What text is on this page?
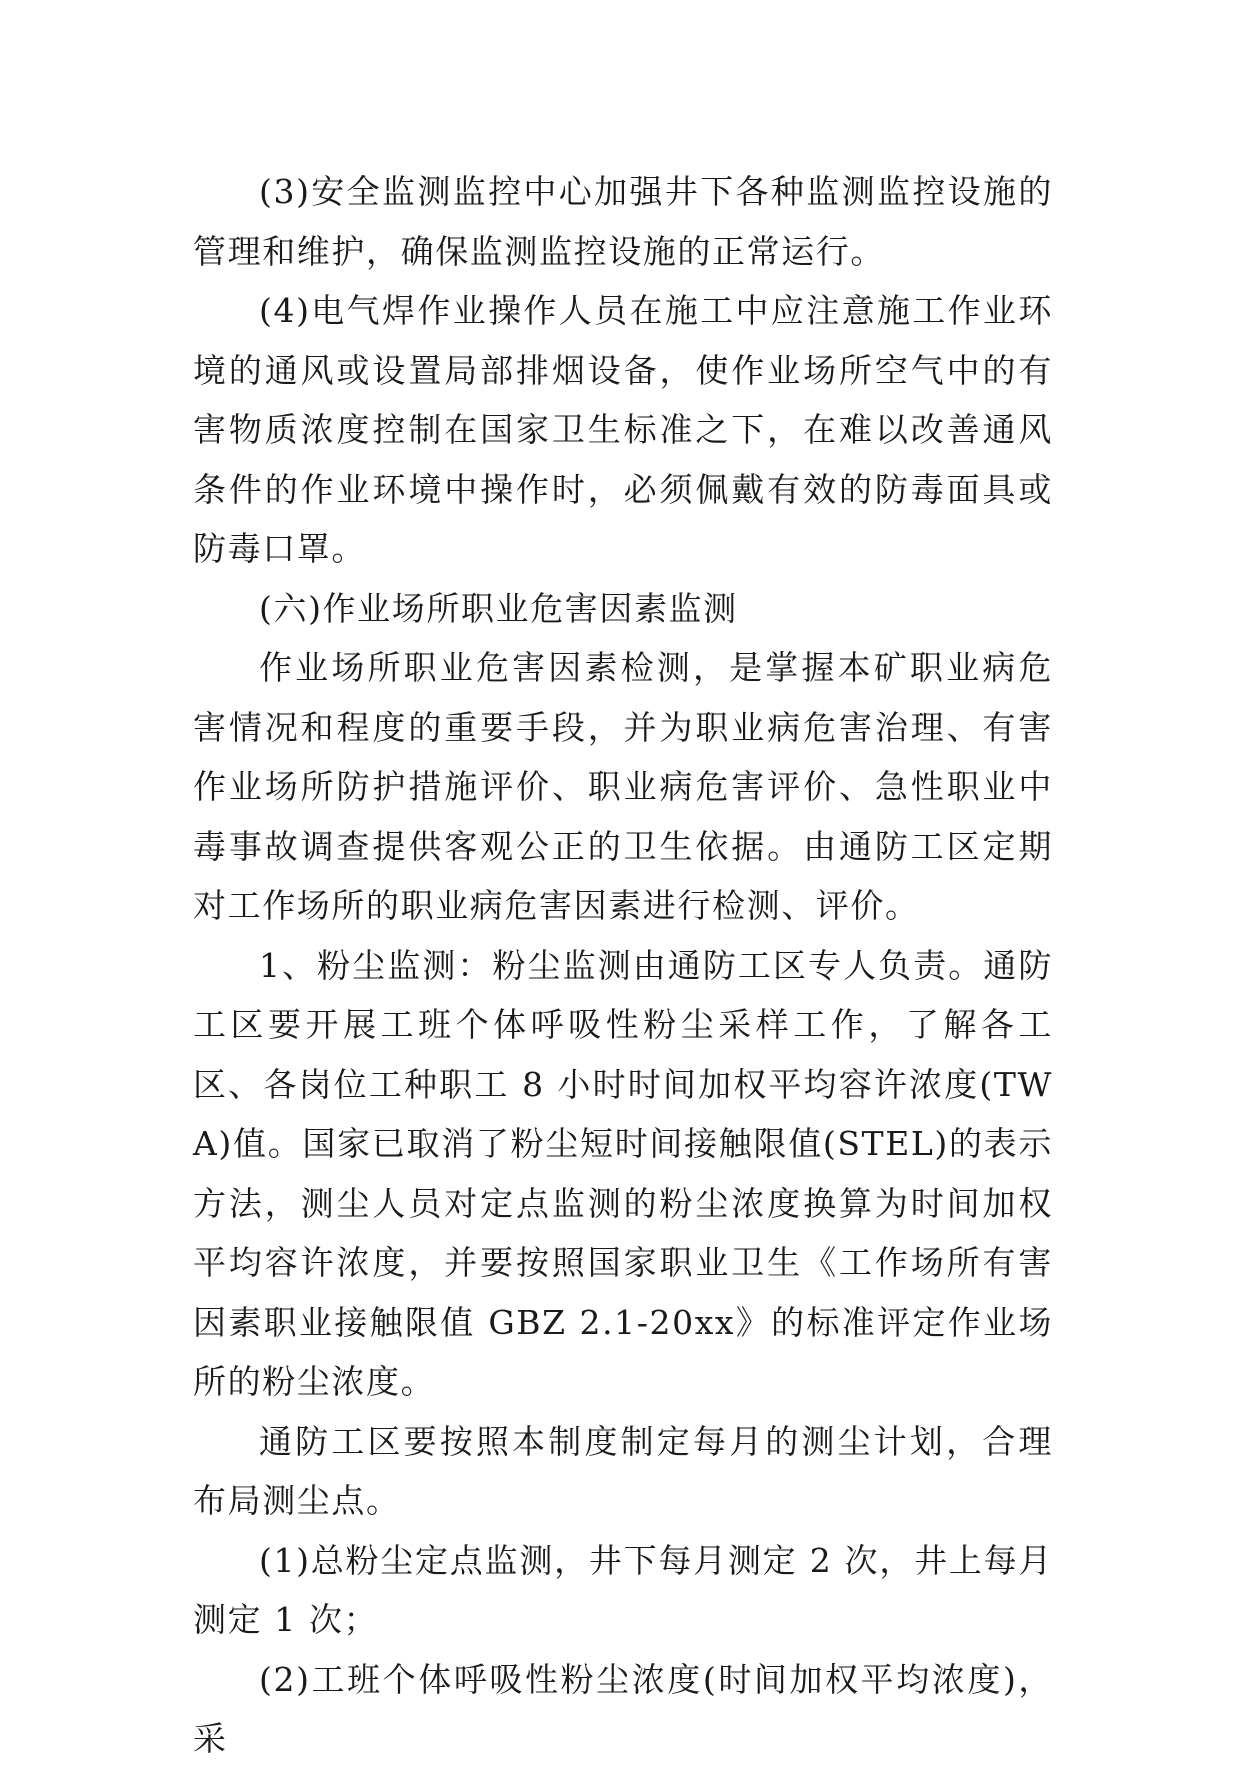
(3)安全监测监控中心加强井下各种监测监控设施的管理和维护，确保监测监控设施的正常运行。

(4)电气焊作业操作人员在施工中应注意施工作业环境的通风或设置局部排烟设备，使作业场所空气中的有害物质浓度控制在国家卫生标准之下，在难以改善通风条件的作业环境中操作时，必须佩戴有效的防毒面具或防毒口罩。

(六)作业场所职业危害因素监测

作业场所职业危害因素检测，是掌握本矿职业病危害情况和程度的重要手段，并为职业病危害治理、有害作业场所防护措施评价、职业病危害评价、急性职业中毒事故调查提供客观公正的卫生依据。由通防工区定期对工作场所的职业病危害因素进行检测、评价。

1、粉尘监测：粉尘监测由通防工区专人负责。通防工区要开展工班个体呼吸性粉尘采样工作，了解各工区、各岗位工种职工 8 小时时间加权平均容许浓度(TWA)值。国家已取消了粉尘短时间接触限值(STEL)的表示方法，测尘人员对定点监测的粉尘浓度换算为时间加权平均容许浓度，并要按照国家职业卫生《工作场所有害因素职业接触限值 GBZ 2.1-20xx》的标准评定作业场所的粉尘浓度。

通防工区要按照本制度制定每月的测尘计划，合理布局测尘点。

(1)总粉尘定点监测，井下每月测定 2 次，井上每月测定 1 次；

(2)工班个体呼吸性粉尘浓度(时间加权平均浓度)，采
